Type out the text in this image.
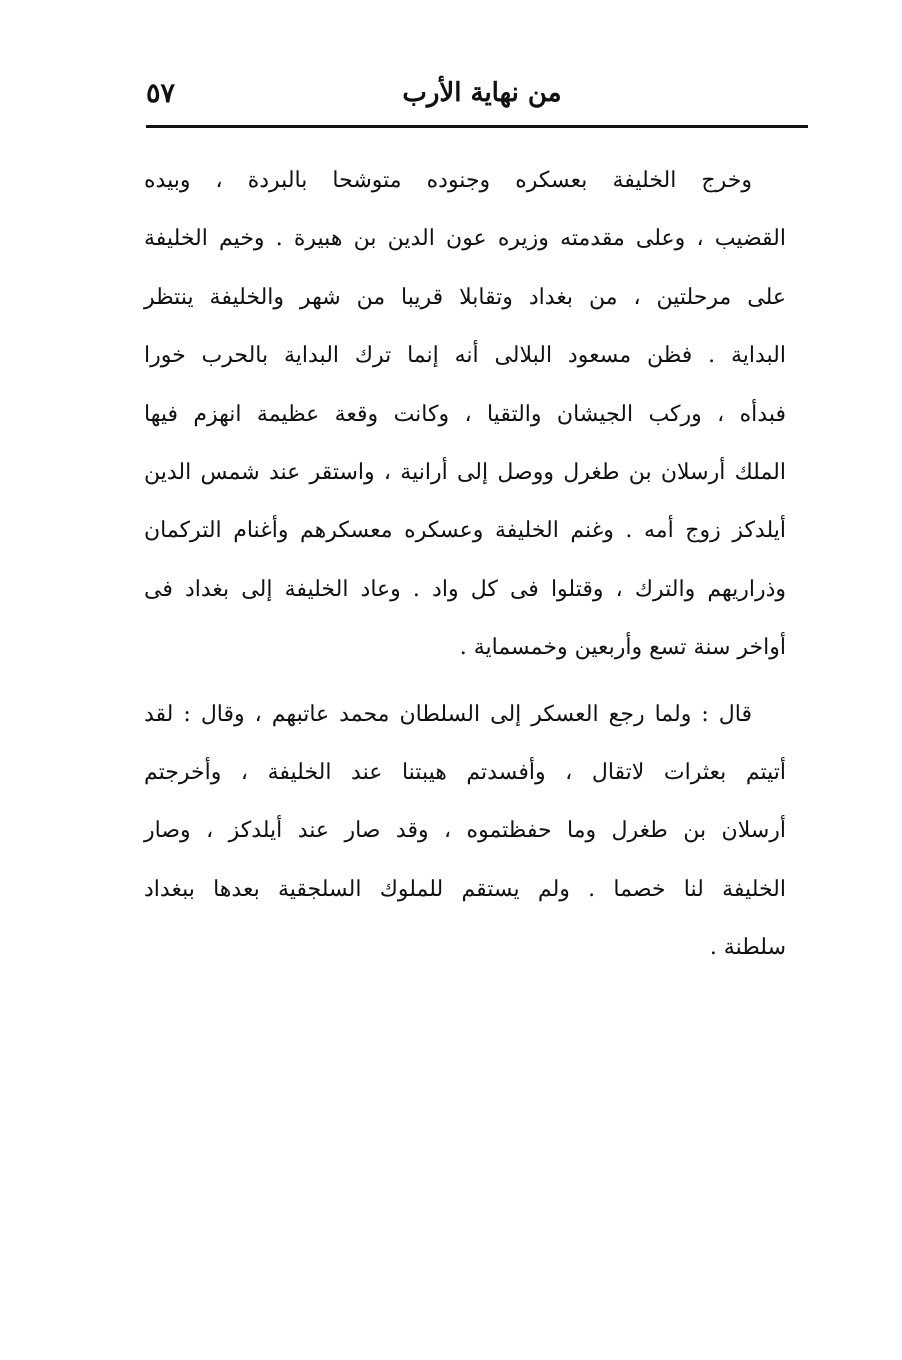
٥٧	من نهاية الأرب
وخرج الخليفة بعسكره وجنوده متوشحا بالبردة ، وبيده
القضيب ، وعلى مقدمته وزيره عون الدين بن هبيرة . وخيم الخليفة
على مرحلتين ، من بغداد وتقابلا قريبا من شهر والخليفة ينتظر
البداية . فظن مسعود البلالى أنه إنما ترك البداية بالحرب خورا
فبدأه ، وركب الجيشان والتقيا ، وكانت وقعة عظيمة انهزم فيها
الملك أرسلان بن طغرل ووصل إلى أرانية ، واستقر عند شمس الدين
أيلدكز زوج أمه . وغنم الخليفة وعسكره معسكرهم وأغنام التركمان
وذراريهم والترك ، وقتلوا فى كل واد . وعاد الخليفة إلى بغداد فى
أواخر سنة تسع وأربعين وخمسماية .
قال : ولما رجع العسكر إلى السلطان محمد عاتبهم ، وقال : لقد
أتيتم بعثرات لاتقال ، وأفسدتم هيبتنا عند الخليفة ، وأخرجتم
أرسلان بن طغرل وما حفظتموه ، وقد صار عند أيلدكز ، وصار
الخليفة لنا خصما . ولم يستقم للملوك السلجقية بعدها ببغداد
سلطنة .
